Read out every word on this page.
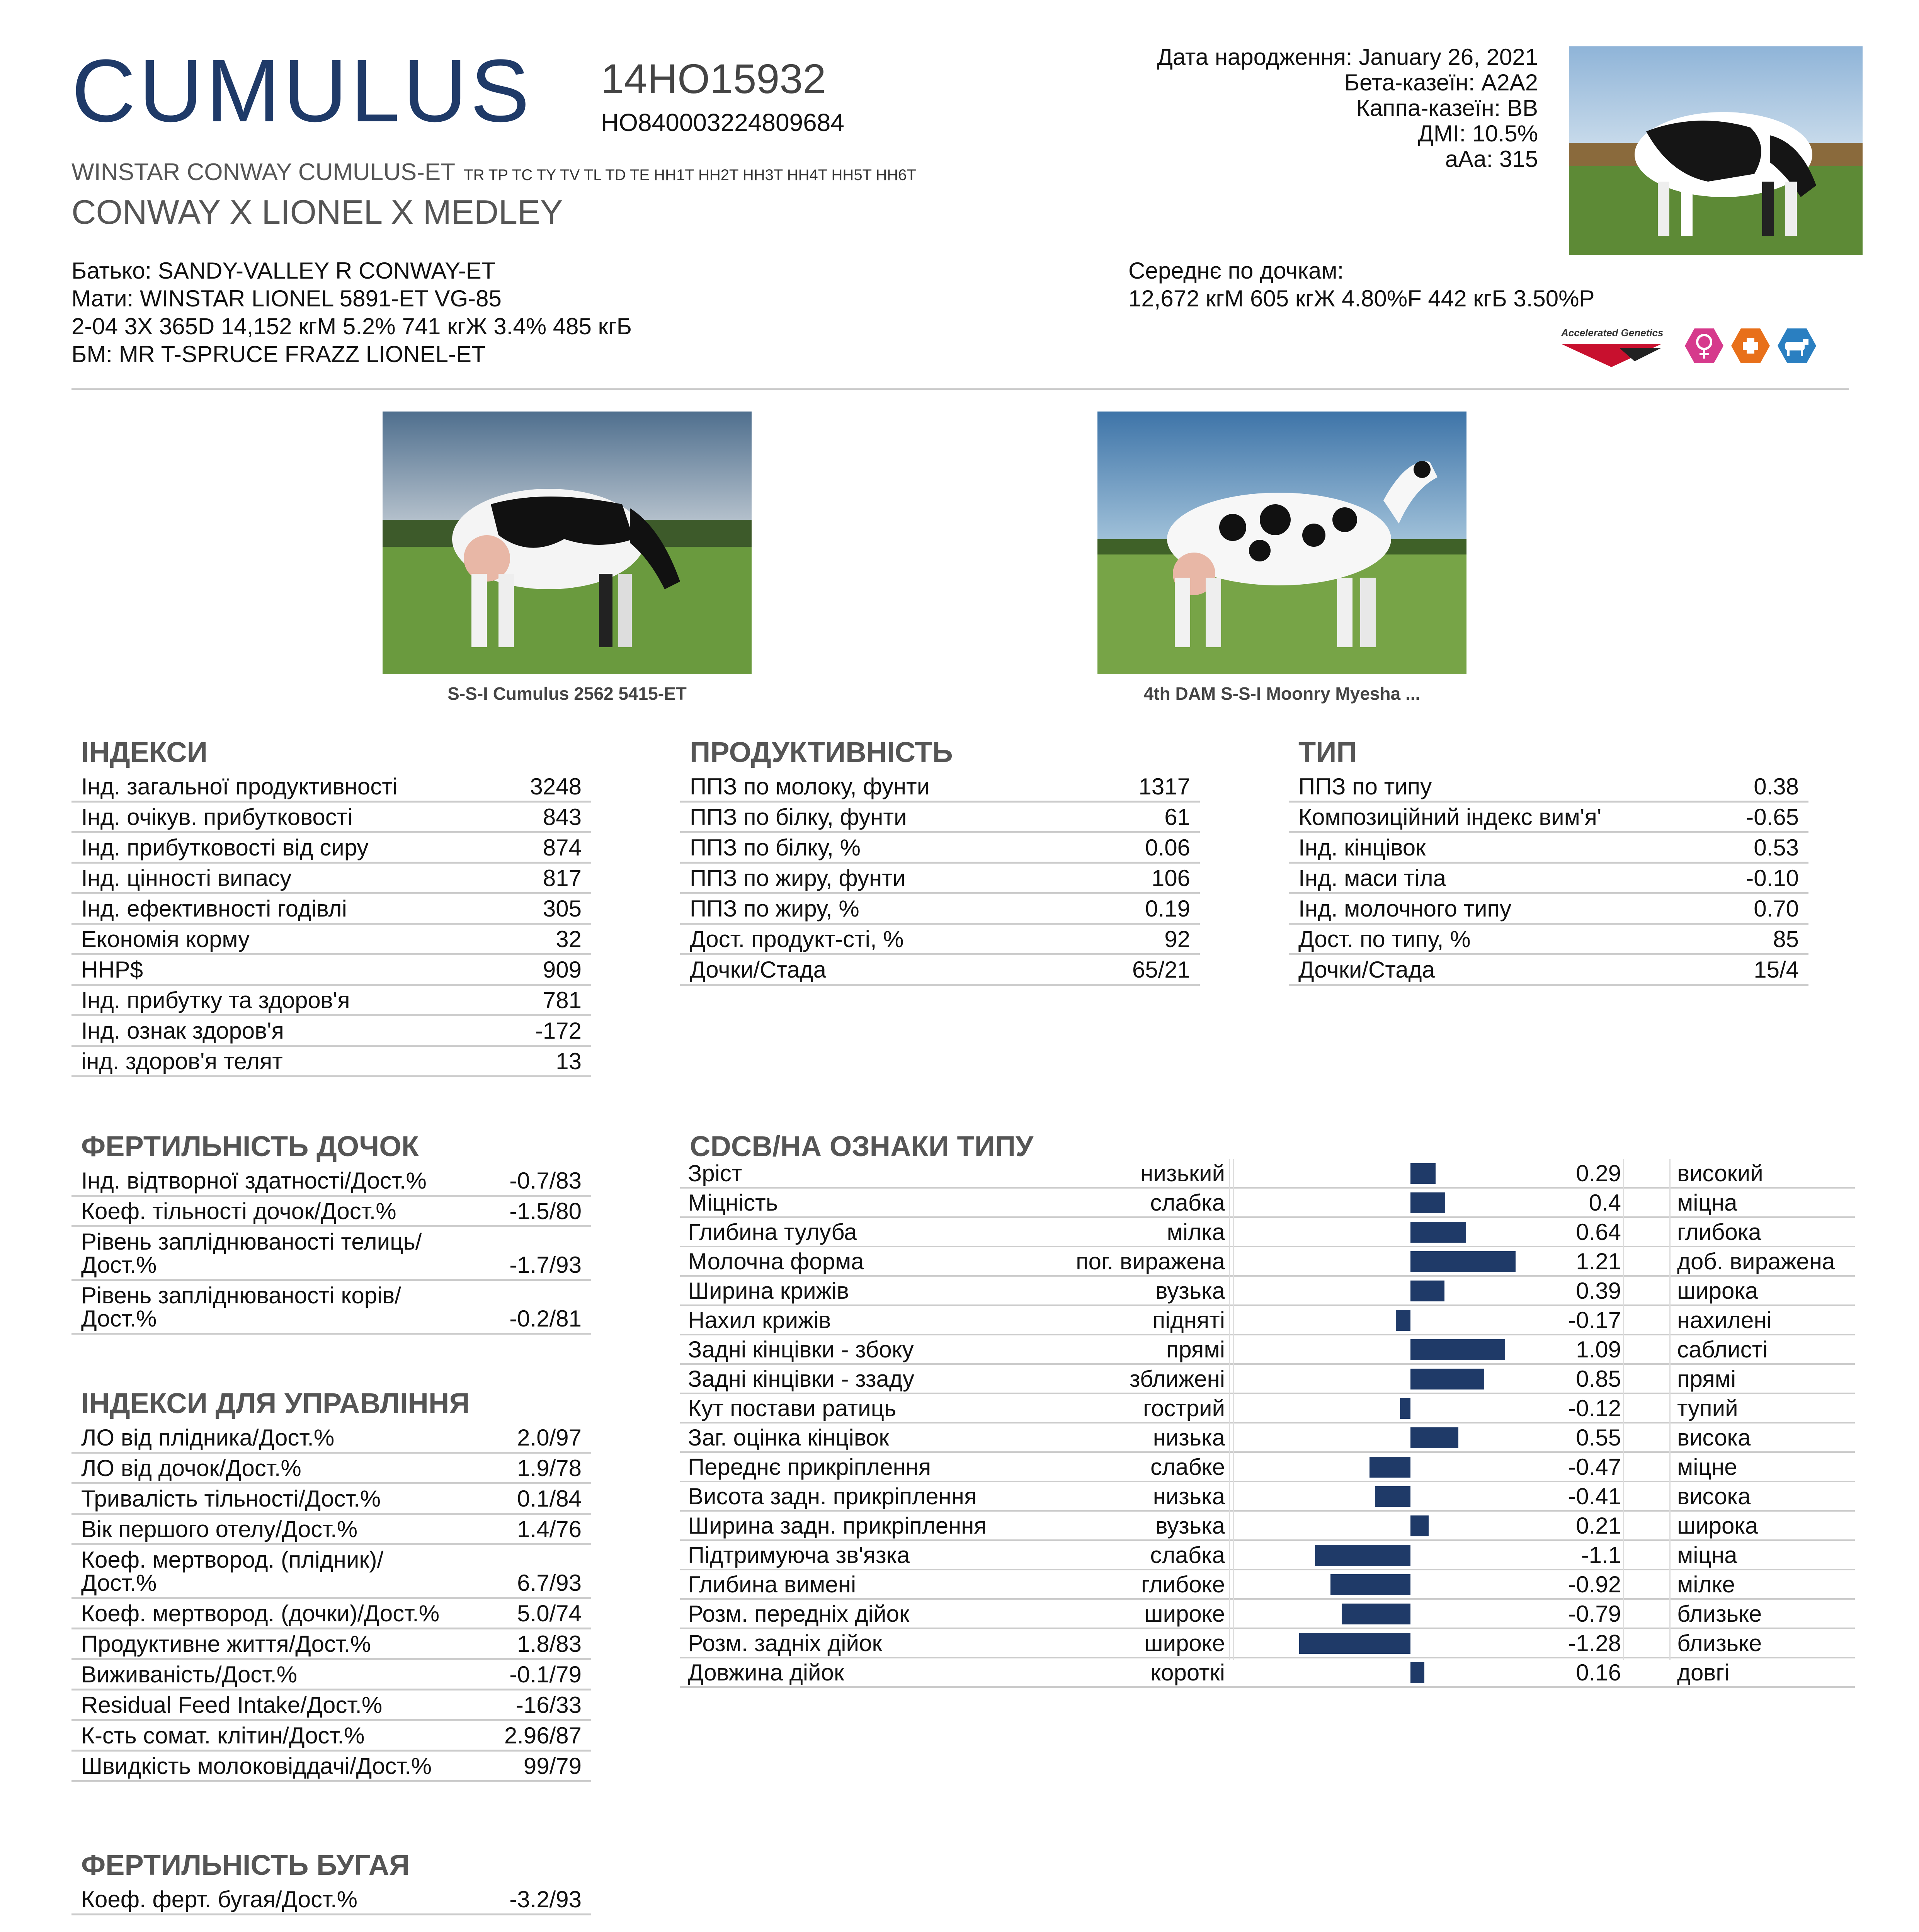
CUMULUS 14HO15932
HO840003224809684
WINSTAR CONWAY CUMULUS-ET TR TP TC TY TV TL TD TE HH1T HH2T HH3T HH4T HH5T HH6T
CONWAY X LIONEL X MEDLEY
Дата народження: January 26, 2021
Бета-казеїн: A2A2
Каппа-казеїн: BB
ДМІ: 10.5%
aAa: 315
Батько: SANDY-VALLEY R CONWAY-ET
Мати: WINSTAR LIONEL 5891-ET VG-85
2-04 3X 365D 14,152 кгМ 5.2% 741 кгЖ 3.4% 485 кгБ
БМ: MR T-SPRUCE FRAZZ LIONEL-ET
Середнє по дочкам:
12,672 кгМ 605 кгЖ 4.80%F 442 кгБ 3.50%P
Accelerated Genetics
S-S-I Cumulus 2562 5415-ET	4th DAM S-S-I Moonry Myesha ...
ІНДЕКСИ
Інд. загальної продуктивності	3248
Інд. очікув. прибутковості	843
Інд. прибутковості від сиру	874
Інд. цінності випасу	817
Інд. ефективності годівлі	305
Економія корму	32
HHP$	909
Інд. прибутку та здоров'я	781
Інд. ознак здоров'я	-172
інд. здоров'я телят	13
ПРОДУКТИВНІСТЬ
ППЗ по молоку, фунти	1317
ППЗ по білку, фунти	61
ППЗ по білку, %	0.06
ППЗ по жиру, фунти	106
ППЗ по жиру, %	0.19
Дост. продукт-сті, %	92
Дочки/Стада	65/21
ТИП
ППЗ по типу	0.38
Композиційний індекс вим'я'	-0.65
Інд. кінцівок	0.53
Інд. маси тіла	-0.10
Інд. молочного типу	0.70
Дост. по типу, %	85
Дочки/Стада	15/4
ФЕРТИЛЬНІСТЬ ДОЧОК
Інд. відтворної здатності/Дост.%	-0.7/83
Коеф. тільності дочок/Дост.%	-1.5/80
Рівень запліднюваності телиць/
Дост.%	-1.7/93
Рівень запліднюваності корів/
Дост.%	-0.2/81
ІНДЕКСИ ДЛЯ УПРАВЛІННЯ
ЛО від плідника/Дост.%	2.0/97
ЛО від дочок/Дост.%	1.9/78
Тривалість тільності/Дост.%	0.1/84
Вік першого отелу/Дост.%	1.4/76
Коеф. мертвород. (плідник)/
Дост.%	6.7/93
Коеф. мертвород. (дочки)/Дост.%	5.0/74
Продуктивне життя/Дост.%	1.8/83
Виживаність/Дост.%	-0.1/79
Residual Feed Intake/Дост.%	-16/33
К-сть сомат. клітин/Дост.%	2.96/87
Швидкість молоковіддачі/Дост.%	99/79
ФЕРТИЛЬНІСТЬ БУГАЯ
Коеф. ферт. бугая/Дост.%	-3.2/93
CDCB/НА ОЗНАКИ ТИПУ
Зріст	низький	0.29 високий
Міцність	слабка	0.4 міцна
Глибина тулуба	мілка	0.64 глибока
Молочна форма	пог. виражена	1.21 доб. виражена
Ширина крижів	вузька	0.39 широка
Нахил крижів	підняті	-0.17 нахилені
Задні кінцівки - збоку	прямі	1.09 саблисті
Задні кінцівки - ззаду	зближені	0.85 прямі
Кут постави ратиць	гострий	-0.12 тупий
Заг. оцінка кінцівок	низька	0.55 висока
Переднє прикріплення	слабке	-0.47 міцне
Висота задн. прикріплення	низька	-0.41 висока
Ширина задн. прикріплення	вузька	0.21 широка
Підтримуюча зв'язка	слабка	-1.1 міцна
Глибина вимені	глибоке	-0.92 мілке
Розм. передніх дійок	широке	-0.79 близьке
Розм. задніх дійок	широке	-1.28 близьке
Довжина дійок	короткі	0.16 довгі
